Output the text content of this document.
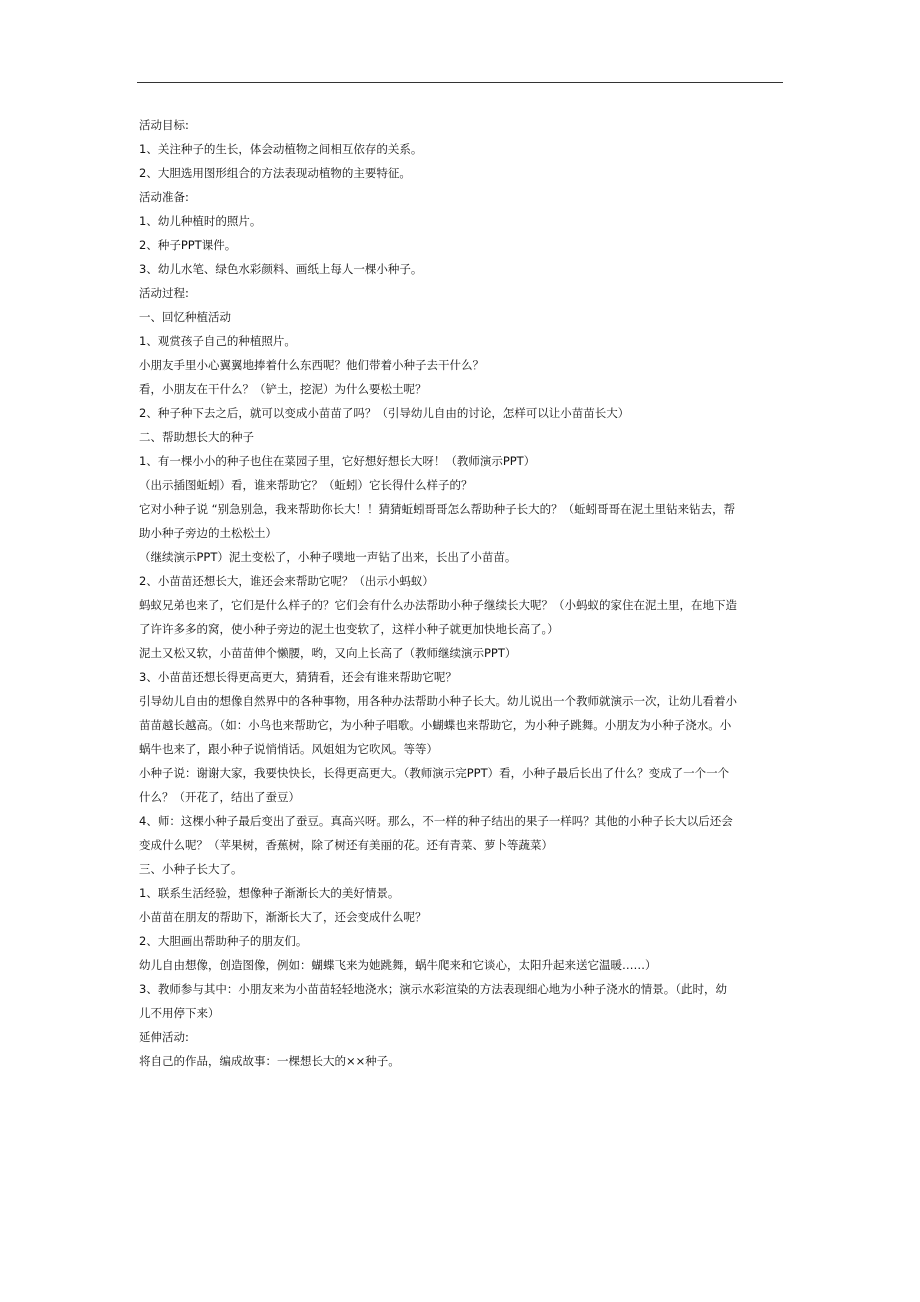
活动目标:
1、关注种子的生长，体会动植物之间相互依存的关系。
2、大胆选用图形组合的方法表现动植物的主要特征。
活动准备:
1、幼儿种植时的照片。
2、种子PPT课件。
3、幼儿水笔、绿色水彩颜料、画纸上每人一棵小种子。
活动过程:
一、回忆种植活动
1、观赏孩子自己的种植照片。
小朋友手里小心翼翼地捧着什么东西呢？他们带着小种子去干什么？
看，小朋友在干什么？（铲土，挖泥）为什么要松土呢？
2、种子种下去之后，就可以变成小苗苗了吗？（引导幼儿自由的讨论，怎样可以让小苗苗长大）
二、帮助想长大的种子
1、有一棵小小的种子也住在菜园子里，它好想好想长大呀！（教师演示PPT）
（出示插图蚯蚓）看，谁来帮助它？（蚯蚓）它长得什么样子的？
它对小种子说 “别急别急，我来帮助你长大！！猜猜蚯蚓哥哥怎么帮助种子长大的？（蚯蚓哥哥在泥土里钻来钻去，帮
助小种子旁边的土松松土）
（继续演示PPT）泥土变松了，小种子噗地一声钻了出来，长出了小苗苗。
2、小苗苗还想长大，谁还会来帮助它呢？（出示小蚂蚁）
蚂蚁兄弟也来了，它们是什么样子的？它们会有什么办法帮助小种子继续长大呢？（小蚂蚁的家住在泥土里，在地下造
了许许多多的窝，使小种子旁边的泥土也变软了，这样小种子就更加快地长高了。）
泥土又松又软，小苗苗伸个懒腰，哟，又向上长高了（教师继续演示PPT）
3、小苗苗还想长得更高更大，猜猜看，还会有谁来帮助它呢？
引导幼儿自由的想像自然界中的各种事物，用各种办法帮助小种子长大。幼儿说出一个教师就演示一次，让幼儿看着小
苗苗越长越高。（如：小鸟也来帮助它，为小种子唱歌。小蝴蝶也来帮助它，为小种子跳舞。小朋友为小种子浇水。小
蜗牛也来了，跟小种子说悄悄话。风姐姐为它吹风。等等）
小种子说：谢谢大家，我要快快长，长得更高更大。（教师演示完PPT）看，小种子最后长出了什么？变成了一个一个
什么？（开花了，结出了蚕豆）
4、师：这棵小种子最后变出了蚕豆。真高兴呀。那么，不一样的种子结出的果子一样吗？其他的小种子长大以后还会
变成什么呢？（苹果树，香蕉树，除了树还有美丽的花。还有青菜、萝卜等蔬菜）
三、小种子长大了。
1、联系生活经验，想像种子渐渐长大的美好情景。
小苗苗在朋友的帮助下，渐渐长大了，还会变成什么呢？
2、大胆画出帮助种子的朋友们。
幼儿自由想像，创造图像，例如：蝴蝶飞来为她跳舞，蜗牛爬来和它谈心，太阳升起来送它温暖……）
3、教师参与其中：小朋友来为小苗苗轻轻地浇水；演示水彩渲染的方法表现细心地为小种子浇水的情景。（此时，幼
儿不用停下来）
延伸活动:
将自己的作品，编成故事：一棵想长大的××种子。
